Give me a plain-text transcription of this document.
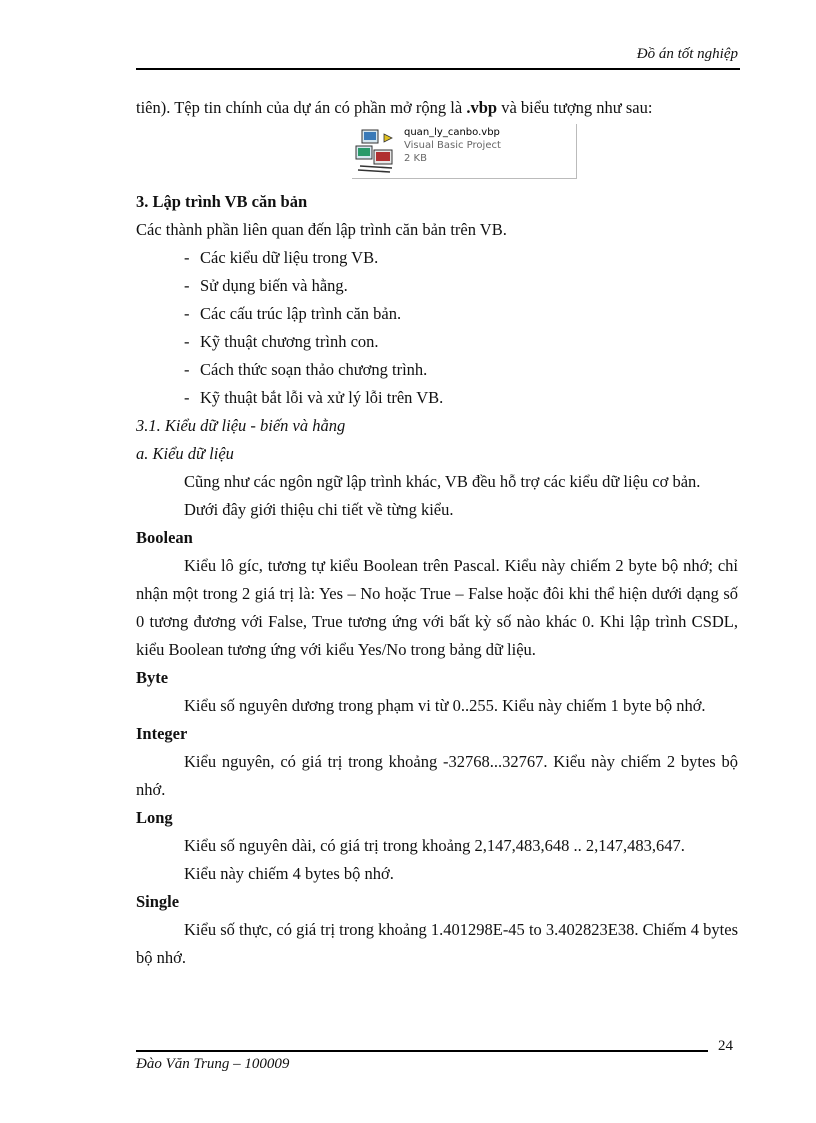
Đồ án tốt nghiệp

tiên). Tệp tin chính của dự án có phần mở rộng là .vbp và biểu tượng như sau:

quan_ly_canbo.vbp
Visual Basic Project
2 KB

3. Lập trình VB căn bản

Các thành phần liên quan đến lập trình căn bản trên VB.

- Các kiểu dữ liệu trong VB.
- Sử dụng biến và hằng.
- Các cấu trúc lập trình căn bản.
- Kỹ thuật chương trình con.
- Cách thức soạn thảo chương trình.
- Kỹ thuật bắt lỗi và xử lý lỗi trên VB.

3.1. Kiểu dữ liệu - biến và hằng

a. Kiểu dữ liệu

Cũng như các ngôn ngữ lập trình khác, VB đều hỗ trợ các kiểu dữ liệu cơ bản.

Dưới đây giới thiệu chi tiết về từng kiểu.

Boolean

Kiểu lô gíc, tương tự kiểu Boolean trên Pascal. Kiểu này chiếm 2 byte bộ nhớ; chỉ nhận một trong 2 giá trị là: Yes – No hoặc True – False hoặc đôi khi thể hiện dưới dạng số 0 tương đương với False, True tương ứng với bất kỳ số nào khác 0. Khi lập trình CSDL, kiểu Boolean tương ứng với kiểu Yes/No trong bảng dữ liệu.

Byte

Kiểu số nguyên dương trong phạm vi từ 0..255. Kiểu này chiếm 1 byte bộ nhớ.

Integer

Kiểu nguyên, có giá trị trong khoảng -32768...32767. Kiểu này chiếm 2 bytes bộ nhớ.

Long

Kiểu số nguyên dài, có giá trị trong khoảng 2,147,483,648 .. 2,147,483,647.

Kiểu này chiếm 4 bytes bộ nhớ.

Single

Kiểu số thực, có giá trị trong khoảng 1.401298E-45 to 3.402823E38. Chiếm 4 bytes bộ nhớ.

24
Đào Văn Trung – 100009
